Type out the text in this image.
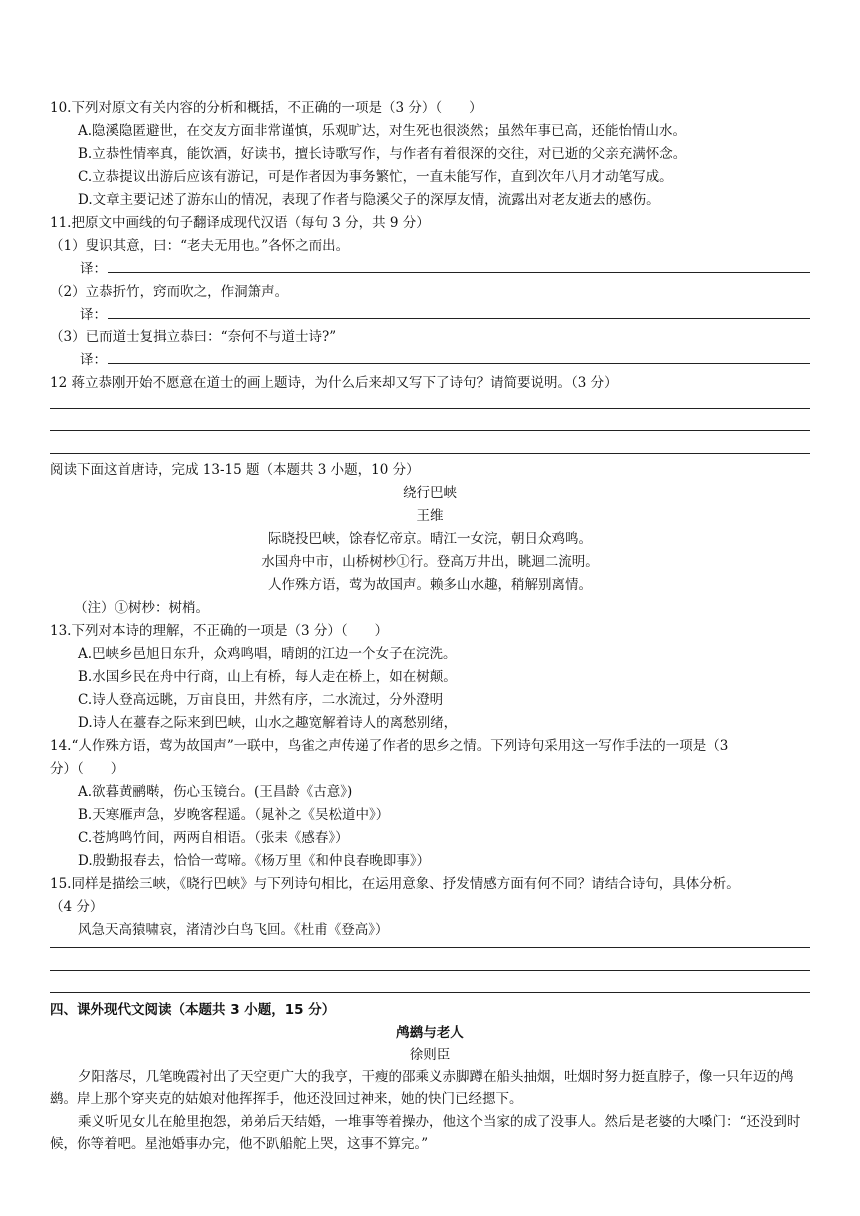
10.下列对原文有关内容的分析和概括，不正确的一项是（3 分）（　　）
A.隐溪隐匿避世，在交友方面非常谨慎，乐观旷达，对生死也很淡然；虽然年事已高，还能怡情山水。
B.立恭性情率真，能饮酒，好读书，擅长诗歌写作，与作者有着很深的交往，对已逝的父亲充满怀念。
C.立恭提议出游后应该有游记，可是作者因为事务繁忙，一直未能写作，直到次年八月才动笔写成。
D.文章主要记述了游东山的情况，表现了作者与隐溪父子的深厚友情，流露出对老友逝去的感伤。
11.把原文中画线的句子翻译成现代汉语（每句 3 分，共 9 分）
（1）叟识其意，曰：“老夫无用也。”各怀之而出。
译：
（2）立恭折竹，窍而吹之，作洞箫声。
译：
（3）已而道士复揖立恭曰：“奈何不与道士诗?”
译：
12 蒋立恭刚开始不愿意在道士的画上题诗，为什么后来却又写下了诗句？请简要说明。（3 分）
阅读下面这首唐诗，完成 13-15 题（本题共 3 小题，10 分）
绕行巴峡
王维
际晓投巴峡，馀春忆帝京。晴江一女浣，朝日众鸡鸣。
水国舟中市，山桥树杪①行。登高万井出，眺迴二流明。
人作殊方语，莺为故国声。赖多山水趣，稍解别离情。
（注）①树杪：树梢。
13.下列对本诗的理解，不正确的一项是（3 分）（　　）
A.巴峡乡邑旭日东升，众鸡鸣唱，晴朗的江边一个女子在浣洗。
B.水国乡民在舟中行商，山上有桥，每人走在桥上，如在树颠。
C.诗人登高远眺，万亩良田，井然有序，二水流过，分外澄明
D.诗人在薹春之际来到巴峡，山水之趣宽解着诗人的离愁别绪，
14.“人作殊方语，莺为故国声”一联中，鸟雀之声传递了作者的思乡之情。下列诗句采用这一写作手法的一项是（3
分）（　　）
A.欲暮黄鹂啭，伤心玉镜台。(王昌龄《古意》)
B.天寒雁声急，岁晚客程遥。（晁补之《吴松道中》）
C.苍鸠鸣竹间，两两自相语。（张耒《感春》）
D.殷勤报春去，恰恰一莺啼。《杨万里《和仲良春晚即事》）
15.同样是描绘三峡，《晓行巴峡》与下列诗句相比，在运用意象、抒发情感方面有何不同？请结合诗句，具体分析。
（4 分）
风急天高猿啸哀，渚清沙白鸟飞回。《杜甫《登高》）
四、课外现代文阅读（本题共 3 小题，15 分）
鸬鹚与老人
徐则臣
夕阳落尽，几笔晚霞衬出了天空更广大的我亨，干瘦的邵乘义赤脚蹲在船头抽烟，吐烟时努力挺直脖子，像一只年迈的鸬鹚。岸上那个穿夹克的姑娘对他挥挥手，他还没回过神来，她的快门已经摁下。
乘义听见女儿在舱里抱怨，弟弟后天结婚，一堆事等着操办，他这个当家的成了没事人。然后是老婆的大嗓门：“还没到时候，你等着吧。星池婚事办完，他不趴船舵上哭，这事不算完。”
